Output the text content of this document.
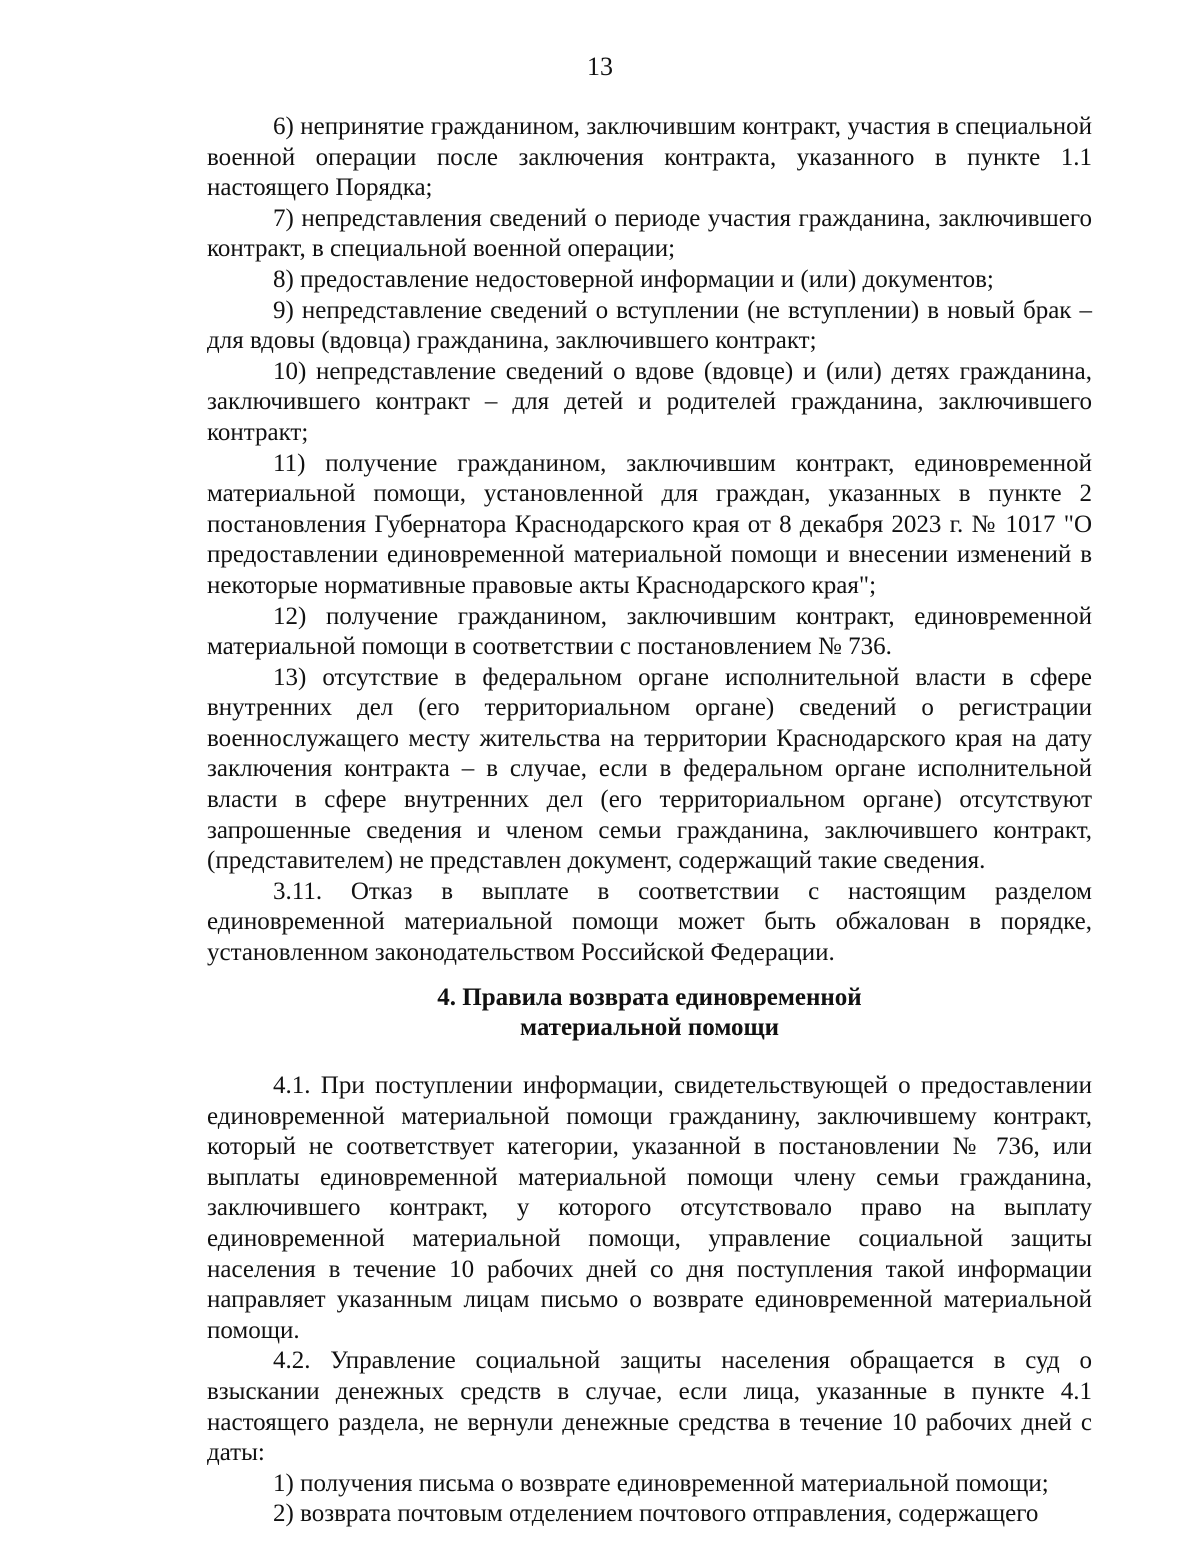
13

6) непринятие гражданином, заключившим контракт, участия в специальной военной операции после заключения контракта, указанного в пункте 1.1 настоящего Порядка;

7) непредставления сведений о периоде участия гражданина, заключившего контракт, в специальной военной операции;

8) предоставление недостоверной информации и (или) документов;

9) непредставление сведений о вступлении (не вступлении) в новый брак – для вдовы (вдовца) гражданина, заключившего контракт;

10) непредставление сведений о вдове (вдовце) и (или) детях гражданина, заключившего контракт – для детей и родителей гражданина, заключившего контракт;

11) получение гражданином, заключившим контракт, единовременной материальной помощи, установленной для граждан, указанных в пункте 2 постановления Губернатора Краснодарского края от 8 декабря 2023 г. № 1017 "О предоставлении единовременной материальной помощи и внесении изменений в некоторые нормативные правовые акты Краснодарского края";

12) получение гражданином, заключившим контракт, единовременной материальной помощи в соответствии с постановлением № 736.

13) отсутствие в федеральном органе исполнительной власти в сфере внутренних дел (его территориальном органе) сведений о регистрации военнослужащего месту жительства на территории Краснодарского края на дату заключения контракта – в случае, если в федеральном органе исполнительной власти в сфере внутренних дел (его территориальном органе) отсутствуют запрошенные сведения и членом семьи гражданина, заключившего контракт, (представителем) не представлен документ, содержащий такие сведения.

3.11. Отказ в выплате в соответствии с настоящим разделом единовременной материальной помощи может быть обжалован в порядке, установленном законодательством Российской Федерации.

4. Правила возврата единовременной
материальной помощи

4.1. При поступлении информации, свидетельствующей о предоставлении единовременной материальной помощи гражданину, заключившему контракт, который не соответствует категории, указанной в постановлении № 736, или выплаты единовременной материальной помощи члену семьи гражданина, заключившего контракт, у которого отсутствовало право на выплату единовременной материальной помощи, управление социальной защиты населения в течение 10 рабочих дней со дня поступления такой информации направляет указанным лицам письмо о возврате единовременной материальной помощи.

4.2. Управление социальной защиты населения обращается в суд о взыскании денежных средств в случае, если лица, указанные в пункте 4.1 настоящего раздела, не вернули денежные средства в течение 10 рабочих дней с даты:

1) получения письма о возврате единовременной материальной помощи;

2) возврата почтовым отделением почтового отправления, содержащего
